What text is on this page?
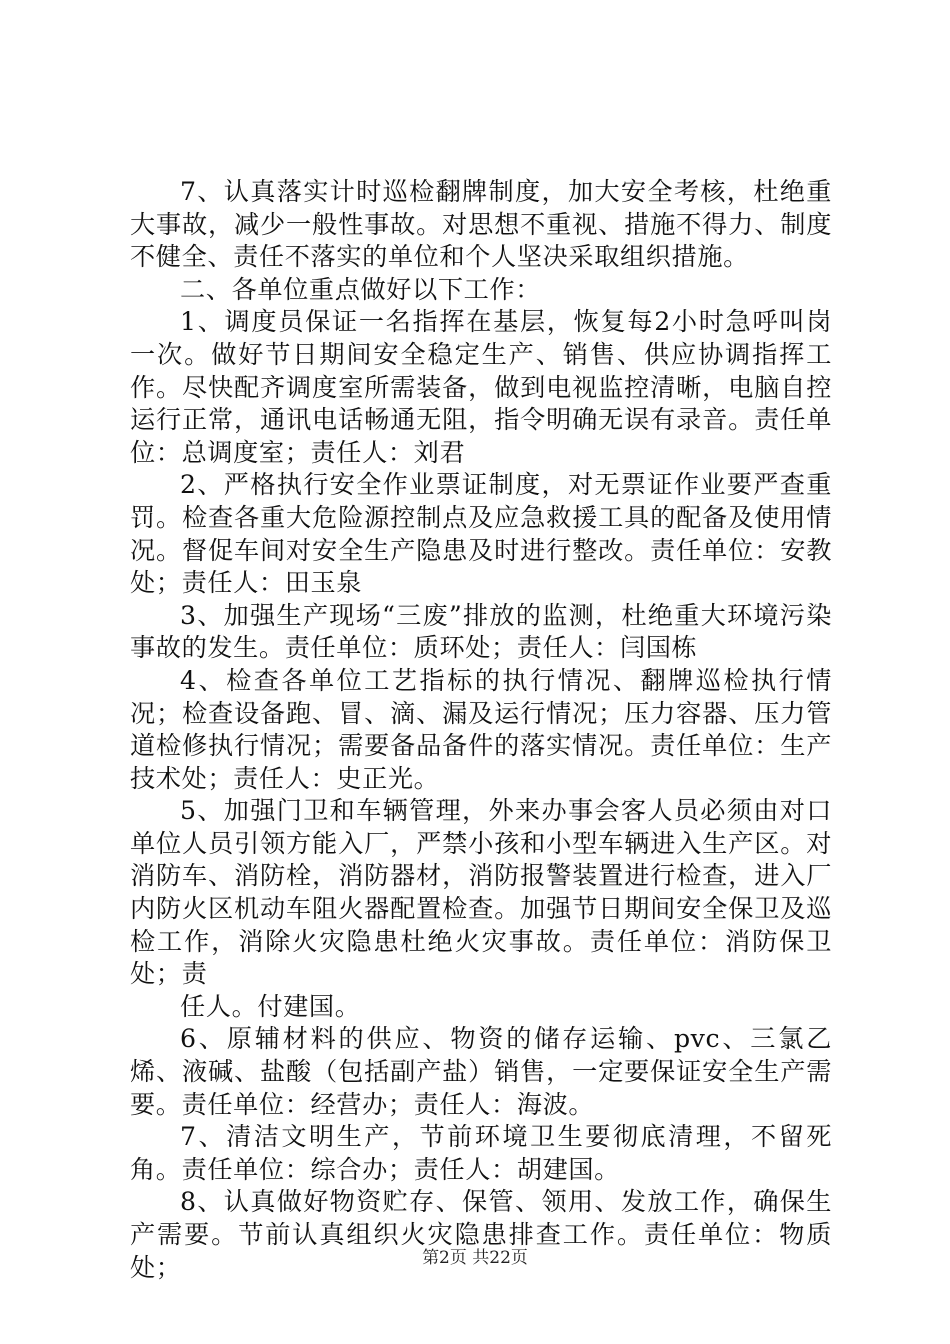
7、认真落实计时巡检翻牌制度，加大安全考核，杜绝重大事故，减少一般性事故。对思想不重视、措施不得力、制度不健全、责任不落实的单位和个人坚决采取组织措施。

二、各单位重点做好以下工作：

1、调度员保证一名指挥在基层，恢复每2小时急呼叫岗一次。做好节日期间安全稳定生产、销售、供应协调指挥工作。尽快配齐调度室所需装备，做到电视监控清晰，电脑自控运行正常，通讯电话畅通无阻，指令明确无误有录音。责任单位：总调度室；责任人：刘君

2、严格执行安全作业票证制度，对无票证作业要严查重罚。检查各重大危险源控制点及应急救援工具的配备及使用情况。督促车间对安全生产隐患及时进行整改。责任单位：安教处；责任人：田玉泉

3、加强生产现场“三废”排放的监测，杜绝重大环境污染事故的发生。责任单位：质环处；责任人：闫国栋

4、检查各单位工艺指标的执行情况、翻牌巡检执行情况；检查设备跑、冒、滴、漏及运行情况；压力容器、压力管道检修执行情况；需要备品备件的落实情况。责任单位：生产技术处；责任人：史正光。

5、加强门卫和车辆管理，外来办事会客人员必须由对口单位人员引领方能入厂，严禁小孩和小型车辆进入生产区。对消防车、消防栓，消防器材，消防报警装置进行检查，进入厂内防火区机动车阻火器配置检查。加强节日期间安全保卫及巡检工作，消除火灾隐患杜绝火灾事故。责任单位：消防保卫处；责

任人。付建国。

6、原辅材料的供应、物资的储存运输、pvc、三氯乙烯、液碱、盐酸（包括副产盐）销售，一定要保证安全生产需要。责任单位：经营办；责任人：海波。

7、清洁文明生产，节前环境卫生要彻底清理，不留死角。责任单位：综合办；责任人：胡建国。

8、认真做好物资贮存、保管、领用、发放工作，确保生产需要。节前认真组织火灾隐患排查工作。责任单位：物质处；	第2页 共22页
